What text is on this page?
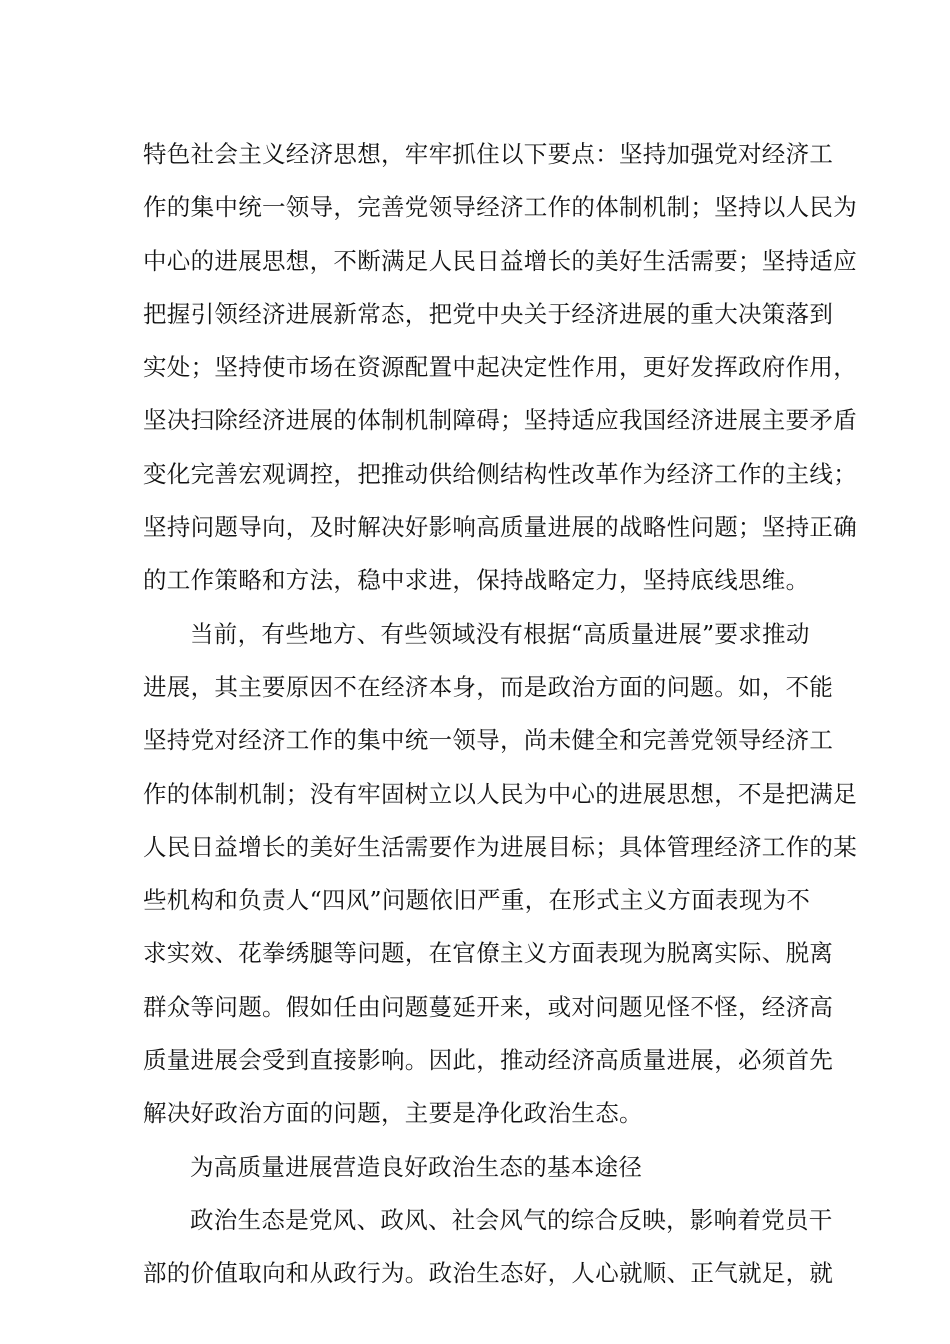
特色社会主义经济思想，牢牢抓住以下要点：坚持加强党对经济工
作的集中统一领导，完善党领导经济工作的体制机制；坚持以人民为
中心的进展思想，不断满足人民日益增长的美好生活需要；坚持适应
把握引领经济进展新常态，把党中央关于经济进展的重大决策落到
实处；坚持使市场在资源配置中起决定性作用，更好发挥政府作用，
坚决扫除经济进展的体制机制障碍；坚持适应我国经济进展主要矛盾
变化完善宏观调控，把推动供给侧结构性改革作为经济工作的主线；
坚持问题导向，及时解决好影响高质量进展的战略性问题；坚持正确
的工作策略和方法，稳中求进，保持战略定力，坚持底线思维。

当前，有些地方、有些领域没有根据“高质量进展”要求推动
进展，其主要原因不在经济本身，而是政治方面的问题。如，不能
坚持党对经济工作的集中统一领导，尚未健全和完善党领导经济工
作的体制机制；没有牢固树立以人民为中心的进展思想，不是把满足
人民日益增长的美好生活需要作为进展目标；具体管理经济工作的某
些机构和负责人“四风”问题依旧严重，在形式主义方面表现为不
求实效、花拳绣腿等问题，在官僚主义方面表现为脱离实际、脱离
群众等问题。假如任由问题蔓延开来，或对问题见怪不怪，经济高
质量进展会受到直接影响。因此，推动经济高质量进展，必须首先
解决好政治方面的问题，主要是净化政治生态。

为高质量进展营造良好政治生态的基本途径

政治生态是党风、政风、社会风气的综合反映，影响着党员干
部的价值取向和从政行为。政治生态好，人心就顺、正气就足，就
